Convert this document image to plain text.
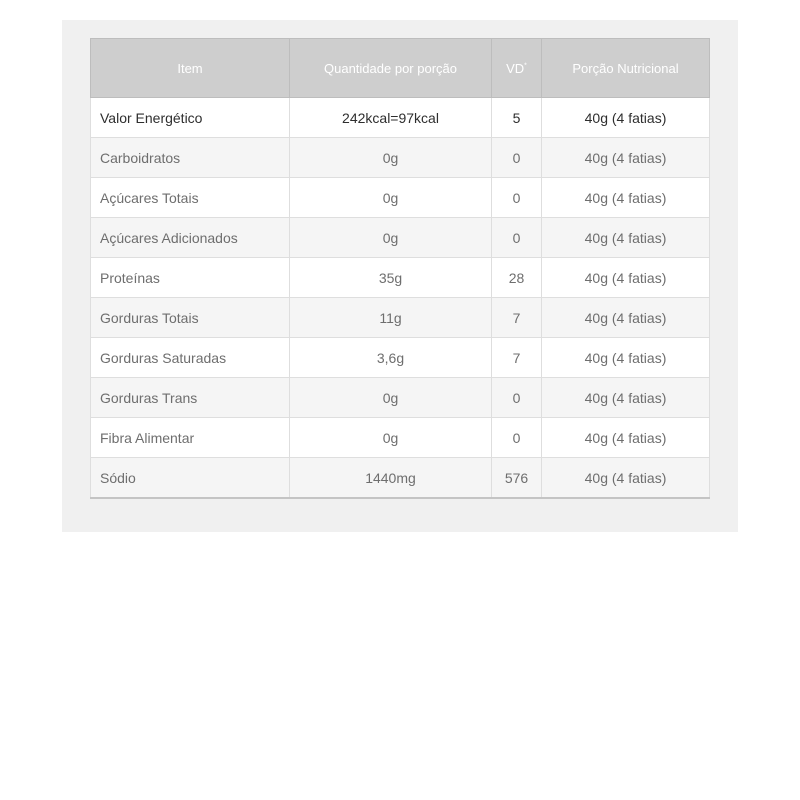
Item	Quantidade por porção	VD*	Porção Nutricional
Valor Energético	242kcal=97kcal	5	40g (4 fatias)
Carboidratos	0g	0	40g (4 fatias)
Açúcares Totais	0g	0	40g (4 fatias)
Açúcares Adicionados	0g	0	40g (4 fatias)
Proteínas	35g	28	40g (4 fatias)
Gorduras Totais	11g	7	40g (4 fatias)
Gorduras Saturadas	3,6g	7	40g (4 fatias)
Gorduras Trans	0g	0	40g (4 fatias)
Fibra Alimentar	0g	0	40g (4 fatias)
Sódio	1440mg	576	40g (4 fatias)
